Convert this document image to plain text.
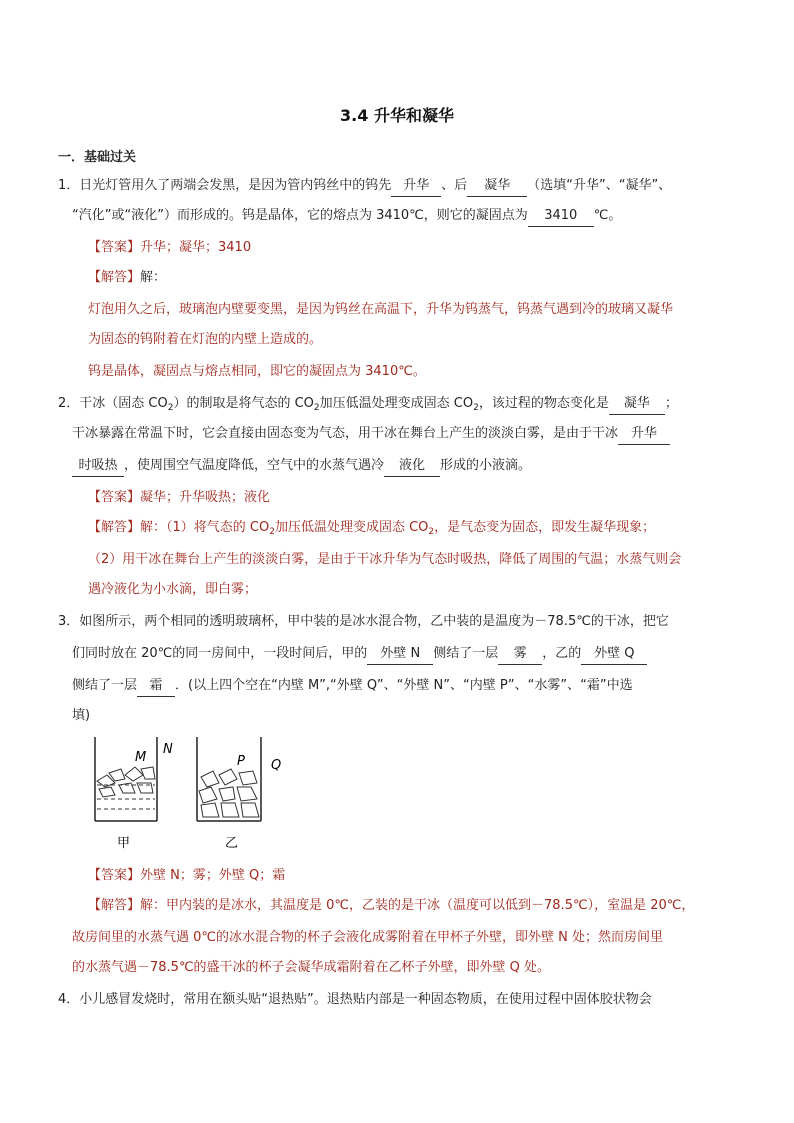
3.4 升华和凝华
一．基础过关
1．日光灯管用久了两端会发黑，是因为管内钨丝中的钨先 升华 、后 凝华 （选填“升华”、“凝华”、
“汽化”或“液化”）而形成的。钨是晶体，它的熔点为 3410℃，则它的凝固点为 3410 ℃。
【答案】升华；凝华；3410
【解答】解：
灯泡用久之后，玻璃泡内壁要变黑，是因为钨丝在高温下，升华为钨蒸气，钨蒸气遇到冷的玻璃又凝华
为固态的钨附着在灯泡的内壁上造成的。
钨是晶体，凝固点与熔点相同，即它的凝固点为 3410℃。
2．干冰（固态 $CO_2$）的制取是将气态的 $CO_2$加压低温处理变成固态 $CO_2$，该过程的物态变化是 凝华 ；
干冰暴露在常温下时，它会直接由固态变为气态，用干冰在舞台上产生的淡淡白雾，是由于干冰 升华
时吸热 ，使周围空气温度降低，空气中的水蒸气遇冷 液化 形成的小液滴。
【答案】凝华；升华吸热；液化
【解答】解：（1）将气态的 $CO_2$加压低温处理变成固态 $CO_2$，是气态变为固态，即发生凝华现象；
（2）用干冰在舞台上产生的淡淡白雾，是由于干冰升华为气态时吸热，降低了周围的气温；水蒸气则会
遇冷液化为小水滴，即白雾；
3．如图所示，两个相同的透明玻璃杯，甲中装的是冰水混合物，乙中装的是温度为－78.5℃的干冰，把它
们同时放在 20℃的同一房间中，一段时间后，甲的 外壁 N 侧结了一层 雾 ，乙的 外壁 Q
侧结了一层 霜 ．(以上四个空在“内壁 M”,“外壁 Q”、“外壁 N”、“内壁 P”、“水雾”、“霜”中选
填)
M
N
甲
P Q
乙
【答案】外壁 N；雾；外壁 Q；霜
【解答】解：甲内装的是冰水，其温度是 0℃，乙装的是干冰（温度可以低到－78.5℃），室温是 20℃，
故房间里的水蒸气遇 0℃的冰水混合物的杯子会液化成雾附着在甲杯子外壁，即外壁 N 处；然而房间里
的水蒸气遇－78.5℃的盛干冰的杯子会凝华成霜附着在乙杯子外壁，即外壁 Q 处。
4．小儿感冒发烧时，常用在额头贴“退热贴”。退热贴内部是一种固态物质，在使用过程中固体胶状物会
